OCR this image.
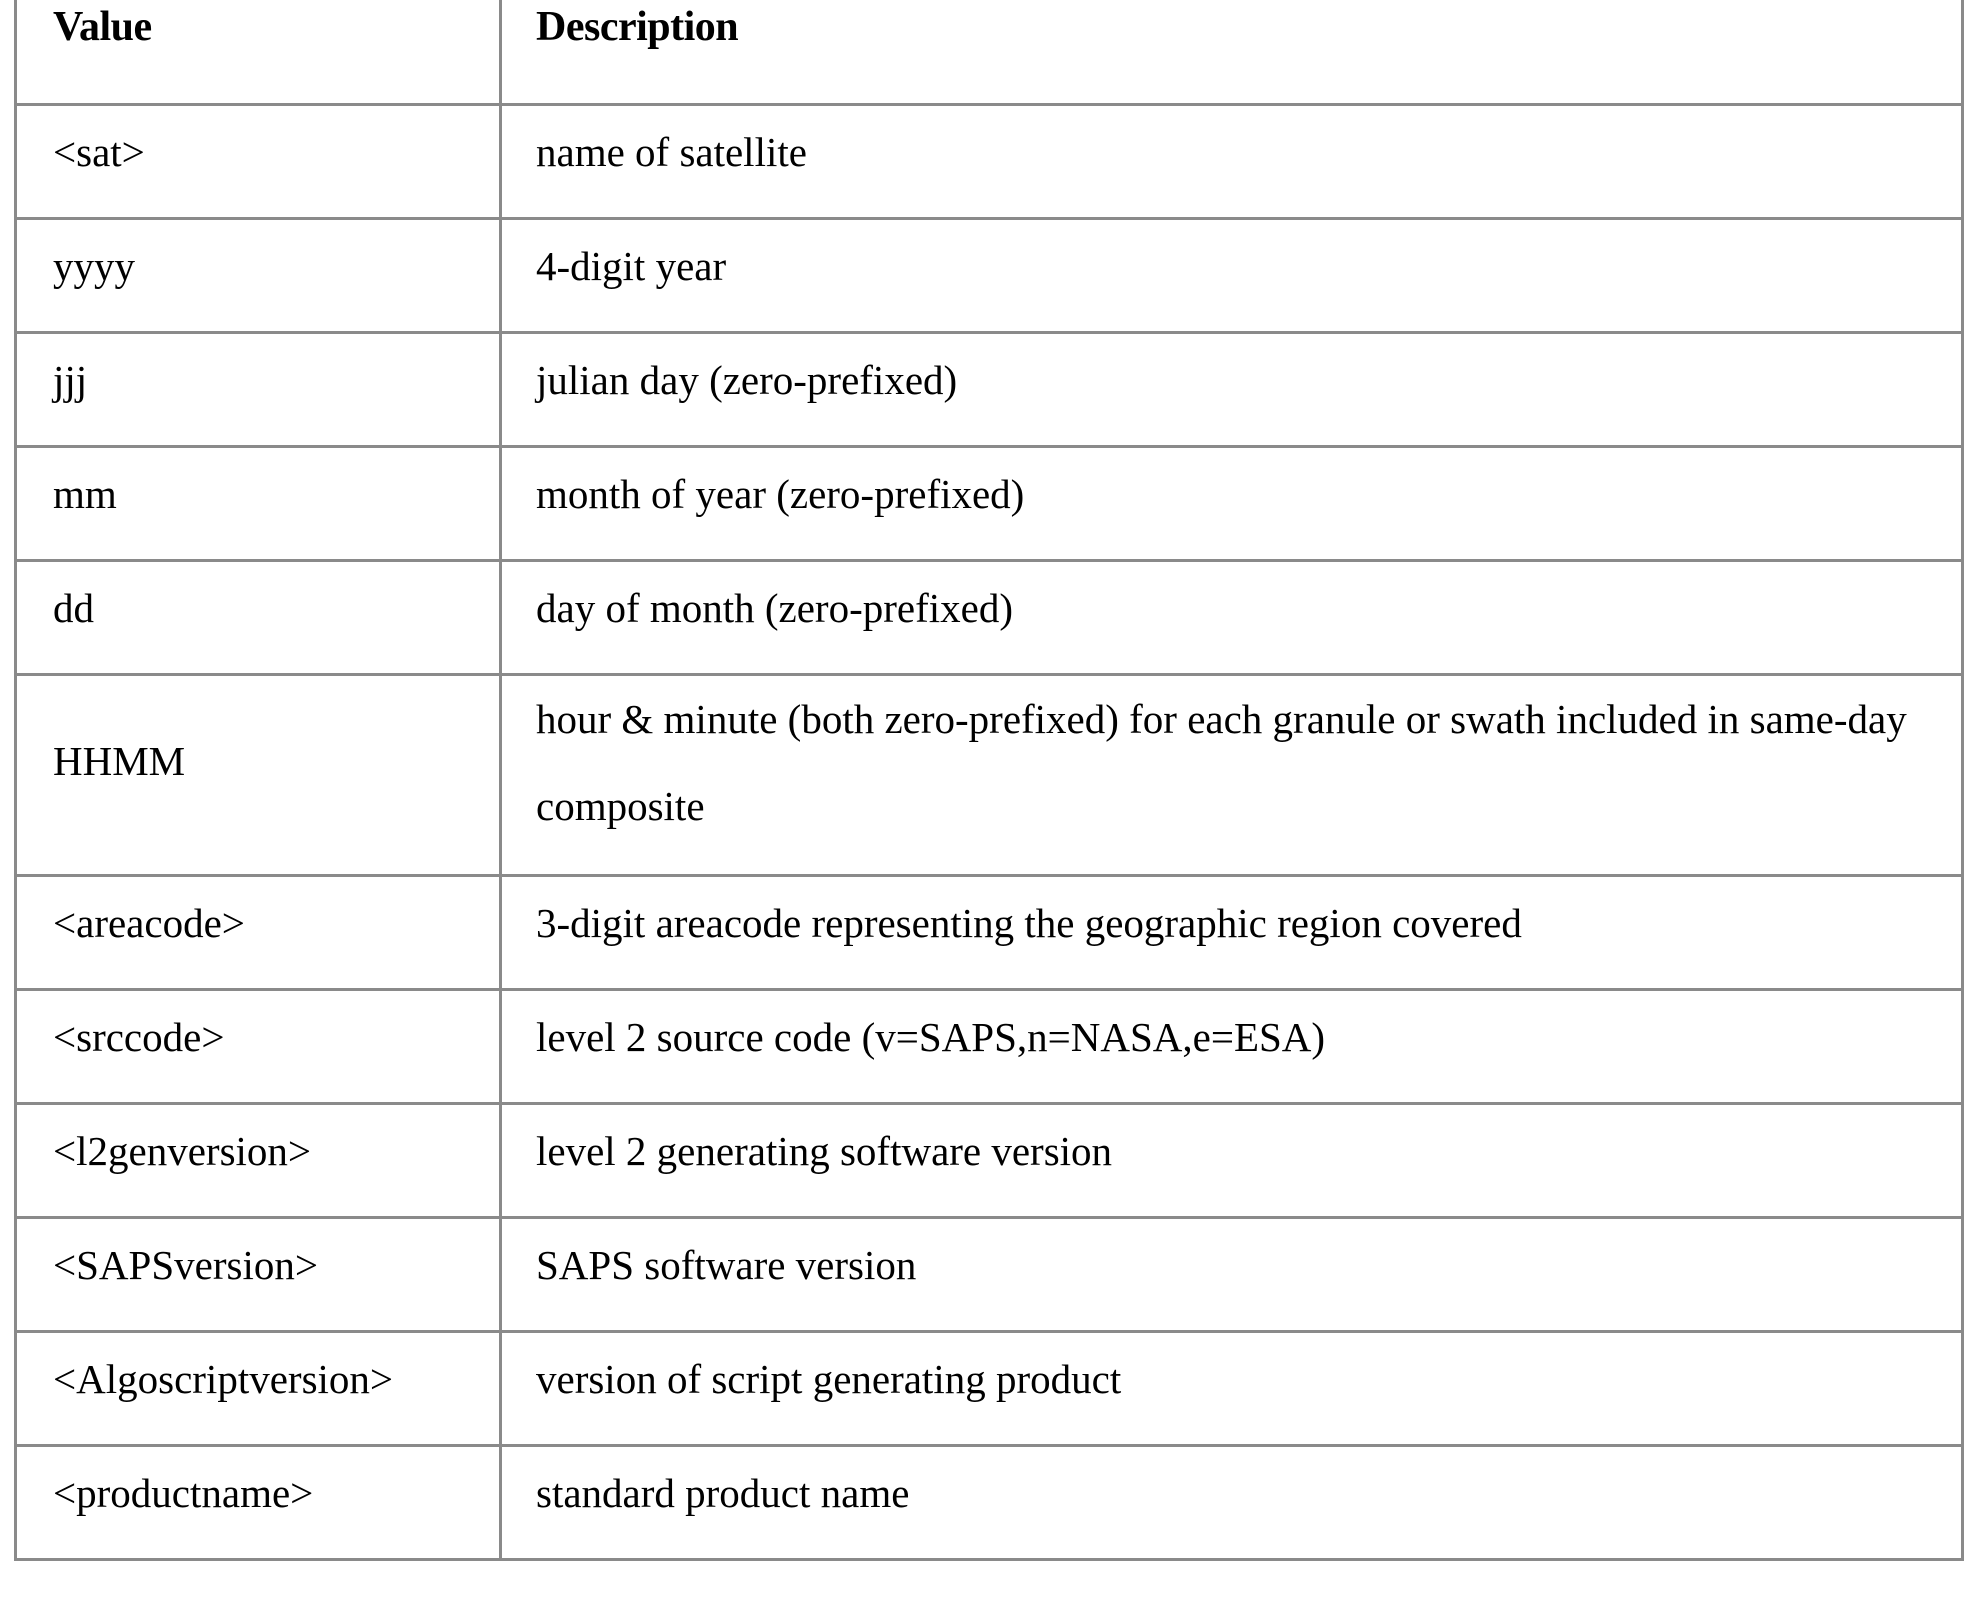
Value	Description

<sat>	name of satellite

yyyy	4-digit year

jjj	julian day (zero-prefixed)

mm	month of year (zero-prefixed)

dd	day of month (zero-prefixed)

HHMM	hour & minute (both zero-prefixed) for each granule or swath included in same-day composite

<areacode>	3-digit areacode representing the geographic region covered

<srccode>	level 2 source code (v=SAPS,n=NASA,e=ESA)

<l2genversion>	level 2 generating software version

<SAPSversion>	SAPS software version

<Algoscriptversion>	version of script generating product

<productname>	standard product name
